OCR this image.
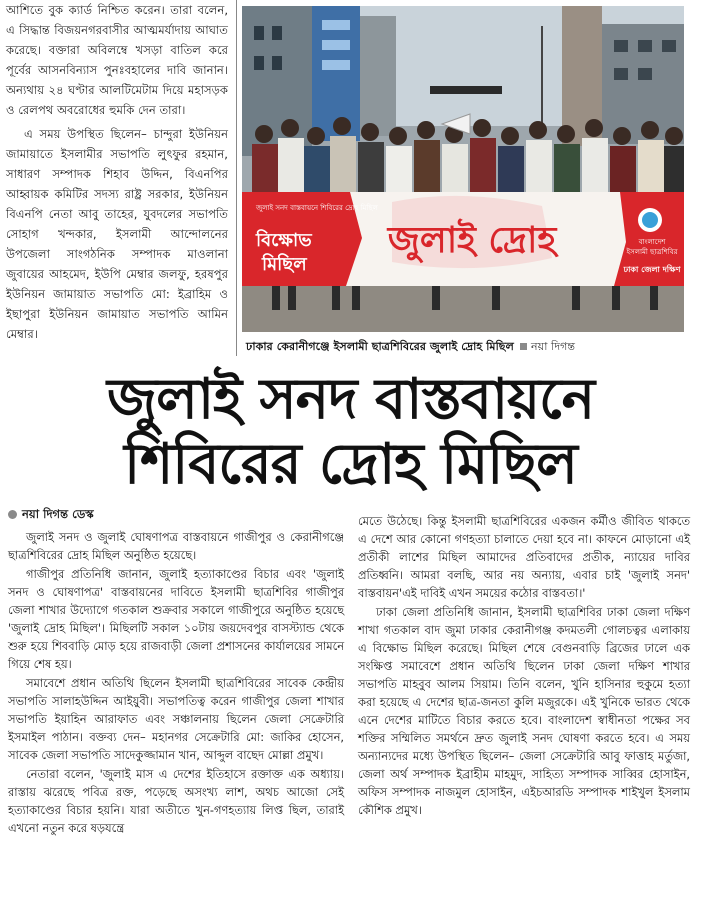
আশিতে বুক ক্যার্ড নিশ্চিত করেন। তারা বলেন, এ সিদ্ধান্ত বিজয়নগরবাসীর আত্মমর্যাদায় আঘাত করেছে। বক্তারা অবিলম্বে খসড়া বাতিল করে পূর্বের আসনবিন্যাস পুনঃবহালের দাবি জানান। অন্যথায় ২৪ ঘণ্টার আলটিমেটাম দিয়ে মহাসড়ক ও রেলপথ অবরোধের হুমকি দেন তারা।

এ সময় উপস্থিত ছিলেন– চান্দুরা ইউনিয়ন জামায়াতে ইসলামীর সভাপতি লুৎফুর রহমান, সাধারণ সম্পাদক শিহাব উদ্দিন, বিএনপির আহ্বায়ক কমিটির সদস্য রাষ্ট্র সরকার, ইউনিয়ন বিএনপি নেতা আবু তাহের, যুবদলের সভাপতি সোহাগ খন্দকার, ইসলামী আন্দোলনের উপজেলা সাংগঠনিক সম্পাদক মাওলানা জুবায়ের আহমেদ, ইউপি মেম্বার জলফু, হরষপুর ইউনিয়ন জামায়াত সভাপতি মো: ইব্রাহিম ও ইছাপুরা ইউনিয়ন জামায়াত সভাপতি আমিন মেম্বার।

জুলাই সনদ বাস্তবায়নে শিবিরের দ্রোহ মিছিল
বিক্ষোভ
মিছিল
জুলাই দ্রোহ	বাংলাদেশ
ইসলামী ছাত্রশিবির
ঢাকা জেলা দক্ষিণ
ঢাকার কেরানীগঞ্জে ইসলামী ছাত্রশিবিরের জুলাই দ্রোহ মিছিল নয়া দিগন্ত
জুলাই সনদ বাস্তবায়নে
শিবিরের দ্রোহ মিছিল
নয়া দিগন্ত ডেস্ক

জুলাই সনদ ও জুলাই ঘোষণাপত্র বাস্তবায়নে গাজীপুর ও কেরানীগঞ্জে ছাত্রশিবিরের দ্রোহ মিছিল অনুষ্ঠিত হয়েছে।

গাজীপুর প্রতিনিধি জানান, জুলাই হত্যাকাণ্ডের বিচার এবং 'জুলাই সনদ ও ঘোষণাপত্র' বাস্তবায়নের দাবিতে ইসলামী ছাত্রশিবির গাজীপুর জেলা শাখার উদ্যোগে গতকাল শুক্রবার সকালে গাজীপুরে অনুষ্ঠিত হয়েছে 'জুলাই দ্রোহ মিছিল'। মিছিলটি সকাল ১০টায় জয়দেবপুর বাসস্ট্যান্ড থেকে শুরু হয়ে শিববাড়ি মোড় হয়ে রাজবাড়ী জেলা প্রশাসনের কার্যালয়ের সামনে গিয়ে শেষ হয়।

সমাবেশে প্রধান অতিথি ছিলেন ইসলামী ছাত্রশিবিরের সাবেক কেন্দ্রীয় সভাপতি সালাহউদ্দিন আইয়ুবী। সভাপতিত্ব করেন গাজীপুর জেলা শাখার সভাপতি ইয়াহিন আরাফাত এবং সঞ্চালনায় ছিলেন জেলা সেক্রেটারি ইসমাইল পাঠান। বক্তব্য দেন– মহানগর সেক্রেটারি মো: জাকির হোসেন, সাবেক জেলা সভাপতি সাদেকুজ্জামান খান, আব্দুল বাছেদ মোল্লা প্রমুখ।

নেতারা বলেন, 'জুলাই মাস এ দেশের ইতিহাসে রক্তাক্ত এক অধ্যায়। রাস্তায় ঝরেছে পবিত্র রক্ত, পড়েছে অসংখ্য লাশ, অথচ আজো সেই হত্যাকাণ্ডের বিচার হয়নি। যারা অতীতে খুন-গণহত্যায় লিপ্ত ছিল, তারাই এখনো নতুন করে ষড়যন্ত্রে

মেতে উঠেছে। কিন্তু ইসলামী ছাত্রশিবিরের একজন কর্মীও জীবিত থাকতে এ দেশে আর কোনো গণহত্যা চালাতে দেয়া হবে না। কাফনে মোড়ানো এই প্রতীকী লাশের মিছিল আমাদের প্রতিবাদের প্রতীক, ন্যায়ের দাবির প্রতিধ্বনি। আমরা বলছি, আর নয় অন্যায়, এবার চাই 'জুলাই সনদ' বাস্তবায়ন'এই দাবিই এখন সময়ের কঠোর বাস্তবতা।'

ঢাকা জেলা প্রতিনিধি জানান, ইসলামী ছাত্রশিবির ঢাকা জেলা দক্ষিণ শাখা গতকাল বাদ জুমা ঢাকার কেরানীগঞ্জ কদমতলী গোলচত্বর এলাকায় এ বিক্ষোভ মিছিল করেছে। মিছিল শেষে বেগুনবাড়ি ব্রিজের ঢালে এক সংক্ষিপ্ত সমাবেশে প্রধান অতিথি ছিলেন ঢাকা জেলা দক্ষিণ শাখার সভাপতি মাহবুব আলম সিয়াম। তিনি বলেন, খুনি হাসিনার হুকুমে হত্যা করা হয়েছে এ দেশের ছাত্র-জনতা কুলি মজুরকে। এই খুনিকে ভারত থেকে এনে দেশের মাটিতে বিচার করতে হবে। বাংলাদেশ স্বাধীনতা পক্ষের সব শক্তির সম্মিলিত সমর্থনে দ্রুত জুলাই সনদ ঘোষণা করতে হবে। এ সময় অন্যান্যদের মধ্যে উপস্থিত ছিলেন– জেলা সেক্রেটারি আবু ফাত্তাহ মর্তুজা, জেলা অর্থ সম্পাদক ইব্রাহীম মাহমুদ, সাহিত্য সম্পাদক সাব্বির হোসাইন, অফিস সম্পাদক নাজমুল হোসাইন, এইচআরডি সম্পাদক শাইখুল ইসলাম কৌশিক প্রমুখ।
